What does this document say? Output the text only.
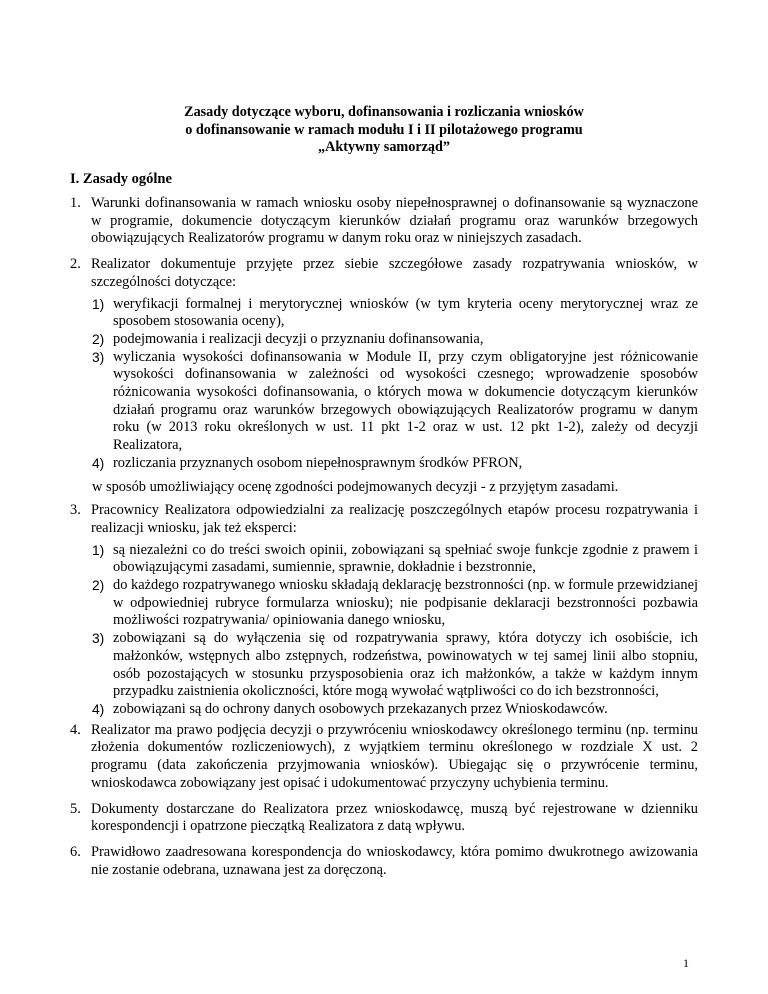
Zasady dotyczące wyboru, dofinansowania i rozliczania wniosków
o dofinansowanie w ramach modułu I i II pilotażowego programu
„Aktywny samorząd”
I. Zasady ogólne
1. Warunki dofinansowania w ramach wniosku osoby niepełnosprawnej o dofinansowanie są wyznaczone w programie, dokumencie dotyczącym kierunków działań programu oraz warunków brzegowych obowiązujących Realizatorów programu w danym roku oraz w niniejszych zasadach.
2. Realizator dokumentuje przyjęte przez siebie szczegółowe zasady rozpatrywania wniosków, w szczególności dotyczące:
1) weryfikacji formalnej i merytorycznej wniosków (w tym kryteria oceny merytorycznej wraz ze sposobem stosowania oceny),
2) podejmowania i realizacji decyzji o przyznaniu dofinansowania,
3) wyliczania wysokości dofinansowania w Module II, przy czym obligatoryjne jest różnicowanie wysokości dofinansowania w zależności od wysokości czesnego; wprowadzenie sposobów różnicowania wysokości dofinansowania, o których mowa w dokumencie dotyczącym kierunków działań programu oraz warunków brzegowych obowiązujących Realizatorów programu w danym roku (w 2013 roku określonych w ust. 11 pkt 1-2 oraz w ust. 12 pkt 1-2), zależy od decyzji Realizatora,
4) rozliczania przyznanych osobom niepełnosprawnym środków PFRON,
w sposób umożliwiający ocenę zgodności podejmowanych decyzji - z przyjętym zasadami.
3. Pracownicy Realizatora odpowiedzialni za realizację poszczególnych etapów procesu rozpatrywania i realizacji wniosku, jak też eksperci:
1) są niezależni co do treści swoich opinii, zobowiązani są spełniać swoje funkcje zgodnie z prawem i obowiązującymi zasadami, sumiennie, sprawnie, dokładnie i bezstronnie,
2) do każdego rozpatrywanego wniosku składają deklarację bezstronności (np. w formule przewidzianej w odpowiedniej rubryce formularza wniosku); nie podpisanie deklaracji bezstronności pozbawia możliwości rozpatrywania/ opiniowania danego wniosku,
3) zobowiązani są do wyłączenia się od rozpatrywania sprawy, która dotyczy ich osobiście, ich małżonków, wstępnych albo zstępnych, rodzeństwa, powinowatych w tej samej linii albo stopniu, osób pozostających w stosunku przysposobienia oraz ich małżonków, a także w każdym innym przypadku zaistnienia okoliczności, które mogą wywołać wątpliwości co do ich bezstronności,
4) zobowiązani są do ochrony danych osobowych przekazanych przez Wnioskodawców.
4. Realizator ma prawo podjęcia decyzji o przywróceniu wnioskodawcy określonego terminu (np. terminu złożenia dokumentów rozliczeniowych), z wyjątkiem terminu określonego w rozdziale X ust. 2 programu (data zakończenia przyjmowania wniosków). Ubiegając się o przywrócenie terminu, wnioskodawca zobowiązany jest opisać i udokumentować przyczyny uchybienia terminu.
5. Dokumenty dostarczane do Realizatora przez wnioskodawcę, muszą być rejestrowane w dzienniku korespondencji i opatrzone pieczątką Realizatora z datą wpływu.
6. Prawidłowo zaadresowana korespondencja do wnioskodawcy, która pomimo dwukrotnego awizowania nie zostanie odebrana, uznawana jest za doręczoną.
1
